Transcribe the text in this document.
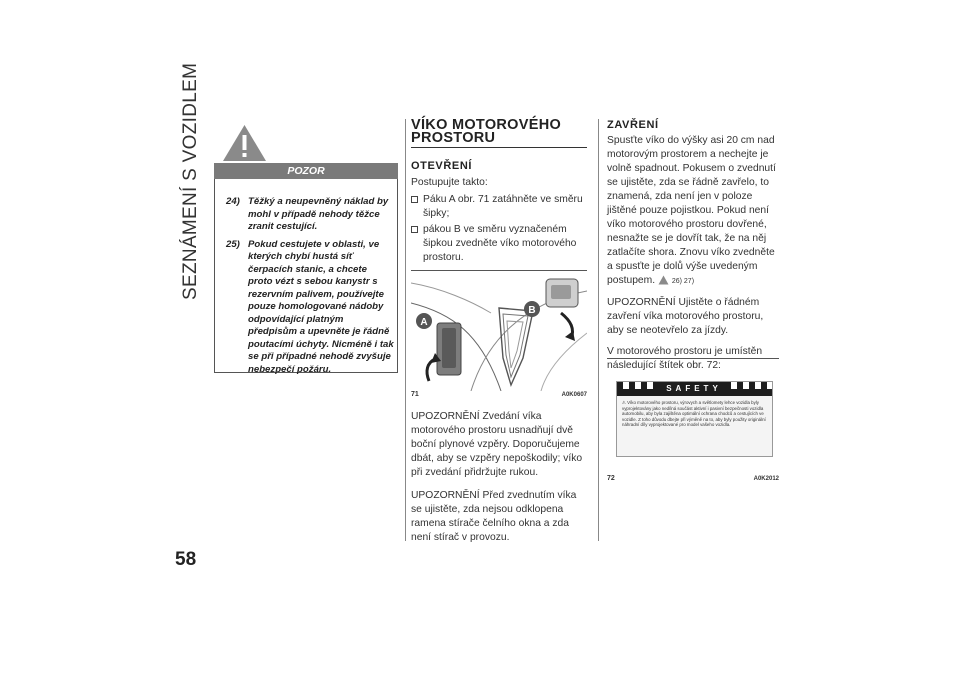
SEZNÁMENÍ S VOZIDLEM
58
POZOR
24) Těžký a neupevněný náklad by mohl v případě nehody těžce zranit cestující.
25) Pokud cestujete v oblasti, ve kterých chybí hustá síť čerpacích stanic, a chcete proto vézt s sebou kanystr s rezervním palivem, používejte pouze homologované nádoby odpovídající platným předpisům a upevněte je řádně poutacími úchyty. Nicméně i tak se při případné nehodě zvyšuje nebezpečí požáru.
VÍKO MOTOROVÉHO PROSTORU
OTEVŘENÍ

Postupujte takto:

Páku A obr. 71 zatáhněte ve směru šipky;
pákou B ve směru vyznačeném šipkou zvedněte víko motorového prostoru.
A
B
71	A0K0607

UPOZORNĚNÍ Zvedání víka motorového prostoru usnadňují dvě boční plynové vzpěry. Doporučujeme dbát, aby se vzpěry nepoškodily; víko při zvedání přidržujte rukou.

UPOZORNĚNÍ Před zvednutím víka se ujistěte, zda nejsou odklopena ramena stírače čelního okna a zda není stírač v provozu.

ZAVŘENÍ

Spusťte víko do výšky asi 20 cm nad motorovým prostorem a nechejte je volně spadnout. Pokusem o zvednutí se ujistěte, zda se řádně zavřelo, to znamená, zda není jen v poloze jištěné pouze pojistkou. Pokud není víko motorového prostoru dovřené, nesnažte se je dovřít tak, že na něj zatlačíte shora. Znovu víko zvedněte a spusťte je dolů výše uvedeným postupem. 26) 27)

UPOZORNĚNÍ Ujistěte o řádném zavření víka motorového prostoru, aby se neotevřelo za jízdy.

V motorového prostoru je umístěn následující štítek obr. 72:

SAFETY
⚠ Víko motorového prostoru, výrovych a světlomety lehce vozidla byly vyprojektovány jako nedílná součást aktivní i pasivní bezpečnosti vozidla automobilu, aby byla zajištěna optimální ochrana chodců a cestujících ve vozidle. Z toho důvodu dbejte při výměně na to, aby byly použity originální náhradní díly vyprojektované pro model vašeho vozidla.
72	A0K2012
